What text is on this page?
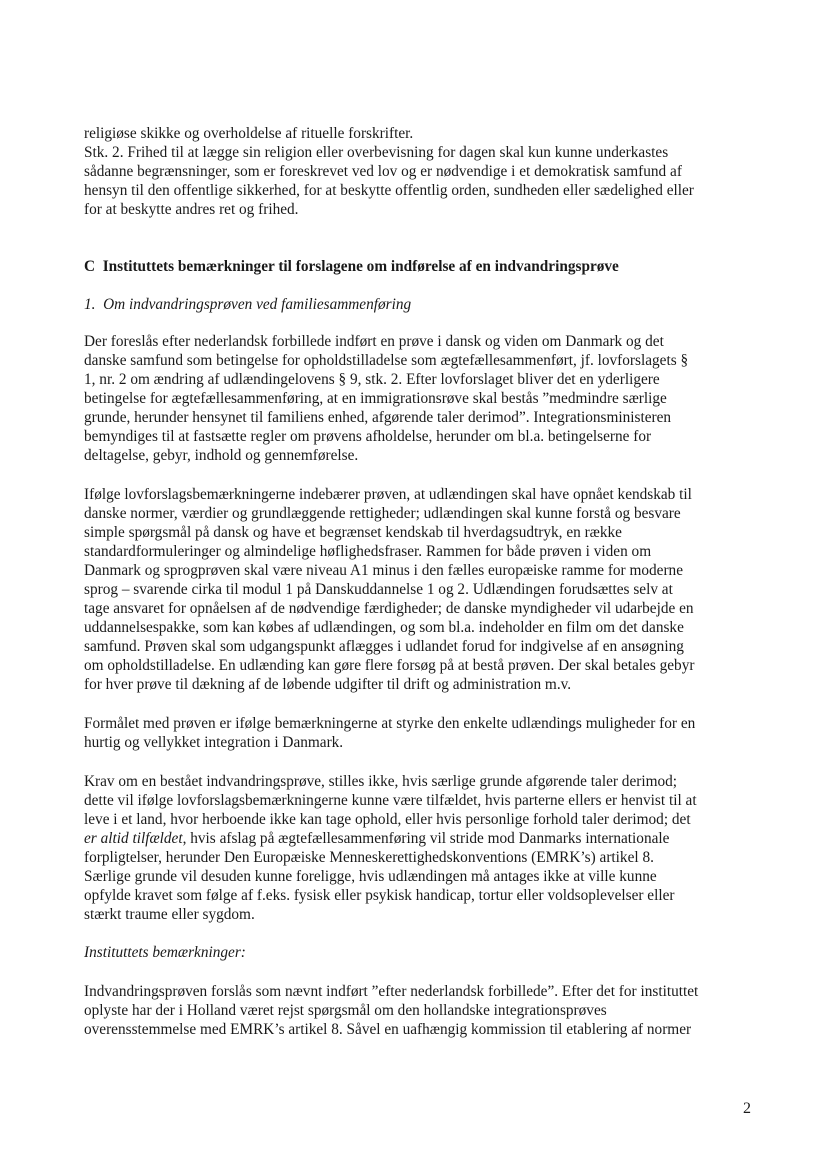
religiøse skikke og overholdelse af rituelle forskrifter.
Stk. 2. Frihed til at lægge sin religion eller overbevisning for dagen skal kun kunne underkastes
sådanne begrænsninger, som er foreskrevet ved lov og er nødvendige i et demokratisk samfund af
hensyn til den offentlige sikkerhed, for at beskytte offentlig orden, sundheden eller sædelighed eller
for at beskytte andres ret og frihed.
C  Instituttets bemærkninger til forslagene om indførelse af en indvandringsprøve
1.  Om indvandringsprøven ved familiesammenføring
Der foreslås efter nederlandsk forbillede indført en prøve i dansk og viden om Danmark og det
danske samfund som betingelse for opholdstilladelse som ægtefællesammenført, jf. lovforslagets §
1, nr. 2 om ændring af udlændingelovens § 9, stk. 2. Efter lovforslaget bliver det en yderligere
betingelse for ægtefællesammenføring, at en immigrationsrøve skal bestås ”medmindre særlige
grunde, herunder hensynet til familiens enhed, afgørende taler derimod”. Integrationsministeren
bemyndiges til at fastsætte regler om prøvens afholdelse, herunder om bl.a. betingelserne for
deltagelse, gebyr, indhold og gennemførelse.
Ifølge lovforslagsbemærkningerne indebærer prøven, at udlændingen skal have opnået kendskab til
danske normer, værdier og grundlæggende rettigheder; udlændingen skal kunne forstå og besvare
simple spørgsmål på dansk og have et begrænset kendskab til hverdagsudtryk, en række
standardformuleringer og almindelige høflighedsfraser. Rammen for både prøven i viden om
Danmark og sprogprøven skal være niveau A1 minus i den fælles europæiske ramme for moderne
sprog – svarende cirka til modul 1 på Danskuddannelse 1 og 2. Udlændingen forudsættes selv at
tage ansvaret for opnåelsen af de nødvendige færdigheder; de danske myndigheder vil udarbejde en
uddannelsespakke, som kan købes af udlændingen, og som bl.a. indeholder en film om det danske
samfund. Prøven skal som udgangspunkt aflægges i udlandet forud for indgivelse af en ansøgning
om opholdstilladelse. En udlænding kan gøre flere forsøg på at bestå prøven. Der skal betales gebyr
for hver prøve til dækning af de løbende udgifter til drift og administration m.v.
Formålet med prøven er ifølge bemærkningerne at styrke den enkelte udlændings muligheder for en
hurtig og vellykket integration i Danmark.
Krav om en bestået indvandringsprøve, stilles ikke, hvis særlige grunde afgørende taler derimod;
dette vil ifølge lovforslagsbemærkningerne kunne være tilfældet, hvis parterne ellers er henvist til at
leve i et land, hvor herboende ikke kan tage ophold, eller hvis personlige forhold taler derimod; det
er altid tilfældet, hvis afslag på ægtefællesammenføring vil stride mod Danmarks internationale
forpligtelser, herunder Den Europæiske Menneskerettighedskonventions (EMRK’s) artikel 8.
Særlige grunde vil desuden kunne foreligge, hvis udlændingen må antages ikke at ville kunne
opfylde kravet som følge af f.eks. fysisk eller psykisk handicap, tortur eller voldsoplevelser eller
stærkt traume eller sygdom.
Instituttets bemærkninger:
Indvandringsprøven forslås som nævnt indført ”efter nederlandsk forbillede”. Efter det for instituttet
oplyste har der i Holland været rejst spørgsmål om den hollandske integrationsprøves
overensstemmelse med EMRK’s artikel 8. Såvel en uafhængig kommission til etablering af normer
2
